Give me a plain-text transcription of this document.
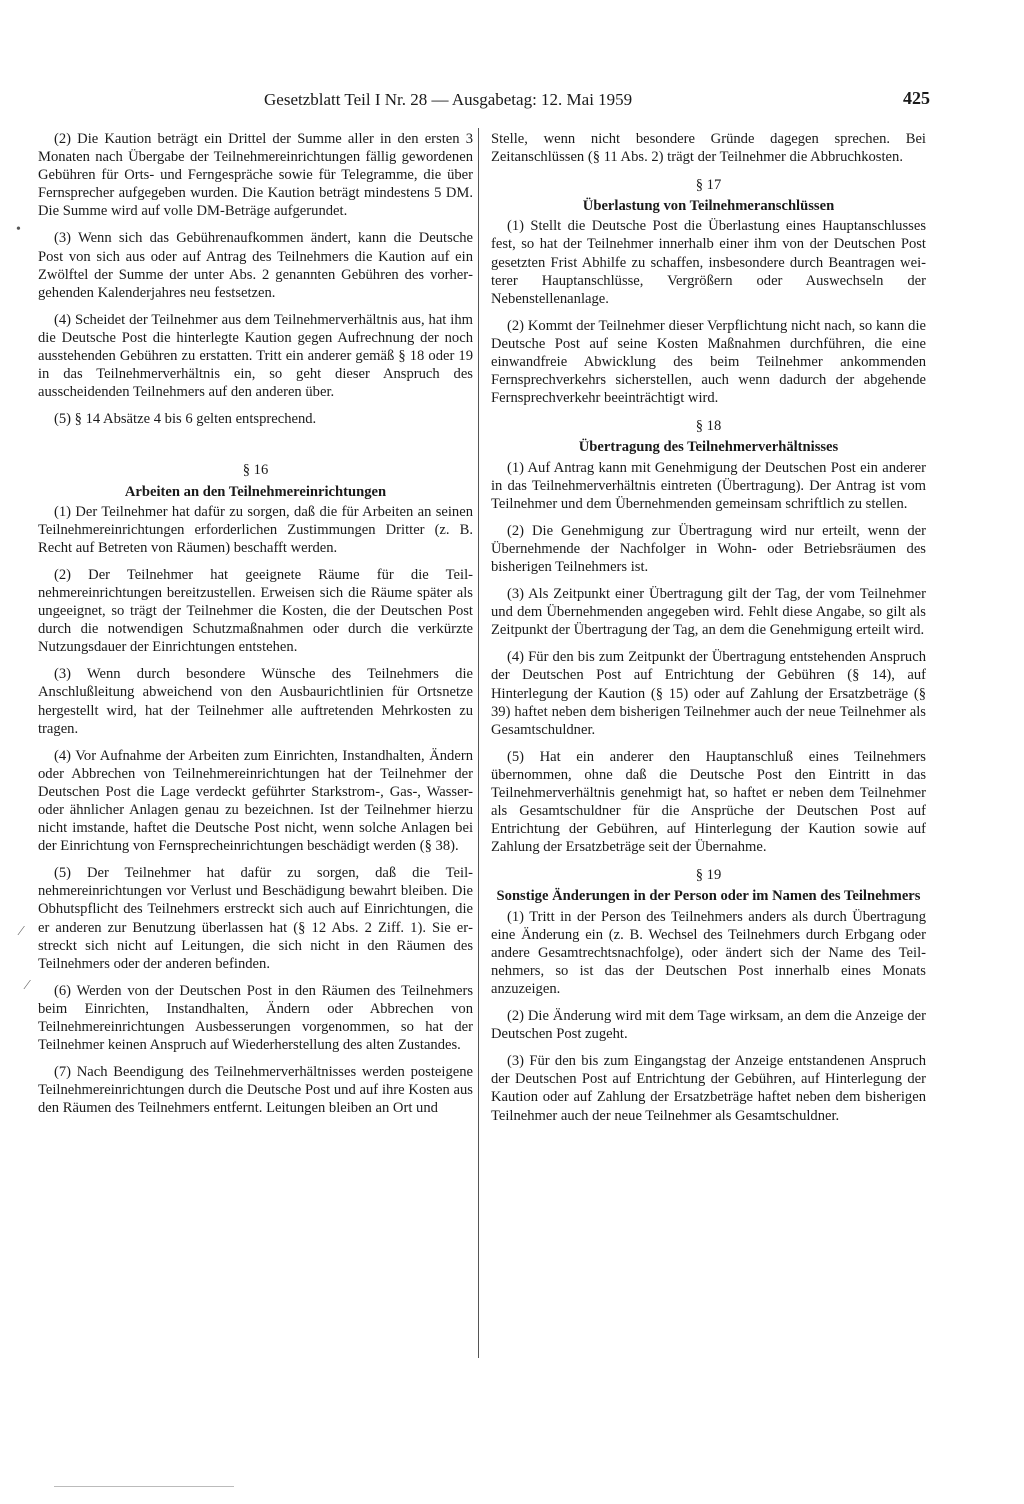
Gesetzblatt Teil I Nr. 28 — Ausgabetag: 12. Mai 1959	425

(2) Die Kaution beträgt ein Drittel der Summe aller in den ersten 3 Monaten nach Übergabe der Teilnehmereinrichtungen fällig gewordenen Gebühren für Orts- und Ferngespräche sowie für Telegramme, die über Fernsprecher aufgegeben wurden. Die Kaution beträgt mindestens 5 DM. Die Summe wird auf volle DM-Beträge aufgerundet.

(3) Wenn sich das Gebührenaufkommen ändert, kann die Deutsche Post von sich aus oder auf Antrag des Teilnehmers die Kaution auf ein Zwölftel der Summe der unter Abs. 2 genannten Gebühren des vorhergehenden Kalenderjahres neu festsetzen.

(4) Scheidet der Teilnehmer aus dem Teilnehmerverhältnis aus, hat ihm die Deutsche Post die hinterlegte Kaution gegen Aufrechnung der noch ausstehenden Gebühren zu erstatten. Tritt ein anderer gemäß § 18 oder 19 in das Teilnehmerverhältnis ein, so geht dieser Anspruch des ausscheidenden Teilnehmers auf den anderen über.

(5) § 14 Absätze 4 bis 6 gelten entsprechend.

§ 16
Arbeiten an den Teilnehmereinrichtungen

(1) Der Teilnehmer hat dafür zu sorgen, daß die für Arbeiten an seinen Teilnehmereinrichtungen erforderlichen Zustimmungen Dritter (z. B. Recht auf Betreten von Räumen) beschafft werden.

(2) Der Teilnehmer hat geeignete Räume für die Teilnehmereinrichtungen bereitzustellen. Erweisen sich die Räume später als ungeeignet, so trägt der Teilnehmer die Kosten, die der Deutschen Post durch die notwendigen Schutzmaßnahmen oder durch die verkürzte Nutzungsdauer der Einrichtungen entstehen.

(3) Wenn durch besondere Wünsche des Teilnehmers die Anschlußleitung abweichend von den Ausbaurichtlinien für Ortsnetze hergestellt wird, hat der Teilnehmer alle auftretenden Mehrkosten zu tragen.

(4) Vor Aufnahme der Arbeiten zum Einrichten, Instandhalten, Ändern oder Abbrechen von Teilnehmereinrichtungen hat der Teilnehmer der Deutschen Post die Lage verdeckt geführter Starkstrom-, Gas-, Wasser- oder ähnlicher Anlagen genau zu bezeichnen. Ist der Teilnehmer hierzu nicht imstande, haftet die Deutsche Post nicht, wenn solche Anlagen bei der Einrichtung von Fernsprecheinrichtungen beschädigt werden (§ 38).

(5) Der Teilnehmer hat dafür zu sorgen, daß die Teilnehmereinrichtungen vor Verlust und Beschädigung bewahrt bleiben. Die Obhutspflicht des Teilnehmers erstreckt sich auch auf Einrichtungen, die er anderen zur Benutzung überlassen hat (§ 12 Abs. 2 Ziff. 1). Sie erstreckt sich nicht auf Leitungen, die sich nicht in den Räumen des Teilnehmers oder der anderen befinden.

(6) Werden von der Deutschen Post in den Räumen des Teilnehmers beim Einrichten, Instandhalten, Ändern oder Abbrechen von Teilnehmereinrichtungen Ausbesserungen vorgenommen, so hat der Teilnehmer keinen Anspruch auf Wiederherstellung des alten Zustandes.

(7) Nach Beendigung des Teilnehmerverhältnisses werden posteigene Teilnehmereinrichtungen durch die Deutsche Post und auf ihre Kosten aus den Räumen des Teilnehmers entfernt. Leitungen bleiben an Ort und

Stelle, wenn nicht besondere Gründe dagegen sprechen. Bei Zeitanschlüssen (§ 11 Abs. 2) trägt der Teilnehmer die Abbruchkosten.

§ 17
Überlastung von Teilnehmeranschlüssen

(1) Stellt die Deutsche Post die Überlastung eines Hauptanschlusses fest, so hat der Teilnehmer innerhalb einer ihm von der Deutschen Post gesetzten Frist Abhilfe zu schaffen, insbesondere durch Beantragen weiterer Hauptanschlüsse, Vergrößern oder Auswechseln der Nebenstellenanlage.

(2) Kommt der Teilnehmer dieser Verpflichtung nicht nach, so kann die Deutsche Post auf seine Kosten Maßnahmen durchführen, die eine einwandfreie Abwicklung des beim Teilnehmer ankommenden Fernsprechverkehrs sicherstellen, auch wenn dadurch der abgehende Fernsprechverkehr beeinträchtigt wird.

§ 18
Übertragung des Teilnehmerverhältnisses

(1) Auf Antrag kann mit Genehmigung der Deutschen Post ein anderer in das Teilnehmerverhältnis eintreten (Übertragung). Der Antrag ist vom Teilnehmer und dem Übernehmenden gemeinsam schriftlich zu stellen.

(2) Die Genehmigung zur Übertragung wird nur erteilt, wenn der Übernehmende der Nachfolger in Wohn- oder Betriebsräumen des bisherigen Teilnehmers ist.

(3) Als Zeitpunkt einer Übertragung gilt der Tag, der vom Teilnehmer und dem Übernehmenden angegeben wird. Fehlt diese Angabe, so gilt als Zeitpunkt der Übertragung der Tag, an dem die Genehmigung erteilt wird.

(4) Für den bis zum Zeitpunkt der Übertragung entstehenden Anspruch der Deutschen Post auf Entrichtung der Gebühren (§ 14), auf Hinterlegung der Kaution (§ 15) oder auf Zahlung der Ersatzbeträge (§ 39) haftet neben dem bisherigen Teilnehmer auch der neue Teilnehmer als Gesamtschuldner.

(5) Hat ein anderer den Hauptanschluß eines Teilnehmers übernommen, ohne daß die Deutsche Post den Eintritt in das Teilnehmerverhältnis genehmigt hat, so haftet er neben dem Teilnehmer als Gesamtschuldner für die Ansprüche der Deutschen Post auf Entrichtung der Gebühren, auf Hinterlegung der Kaution sowie auf Zahlung der Ersatzbeträge seit der Übernahme.

§ 19
Sonstige Änderungen in der Person oder im Namen des Teilnehmers

(1) Tritt in der Person des Teilnehmers anders als durch Übertragung eine Änderung ein (z. B. Wechsel des Teilnehmers durch Erbgang oder andere Gesamtrechtsnachfolge), oder ändert sich der Name des Teilnehmers, so ist das der Deutschen Post innerhalb eines Monats anzuzeigen.

(2) Die Änderung wird mit dem Tage wirksam, an dem die Anzeige der Deutschen Post zugeht.

(3) Für den bis zum Eingangstag der Anzeige entstandenen Anspruch der Deutschen Post auf Entrichtung der Gebühren, auf Hinterlegung der Kaution oder auf Zahlung der Ersatzbeträge haftet neben dem bisherigen Teilnehmer auch der neue Teilnehmer als Gesamtschuldner.

•
⁄
⁄
